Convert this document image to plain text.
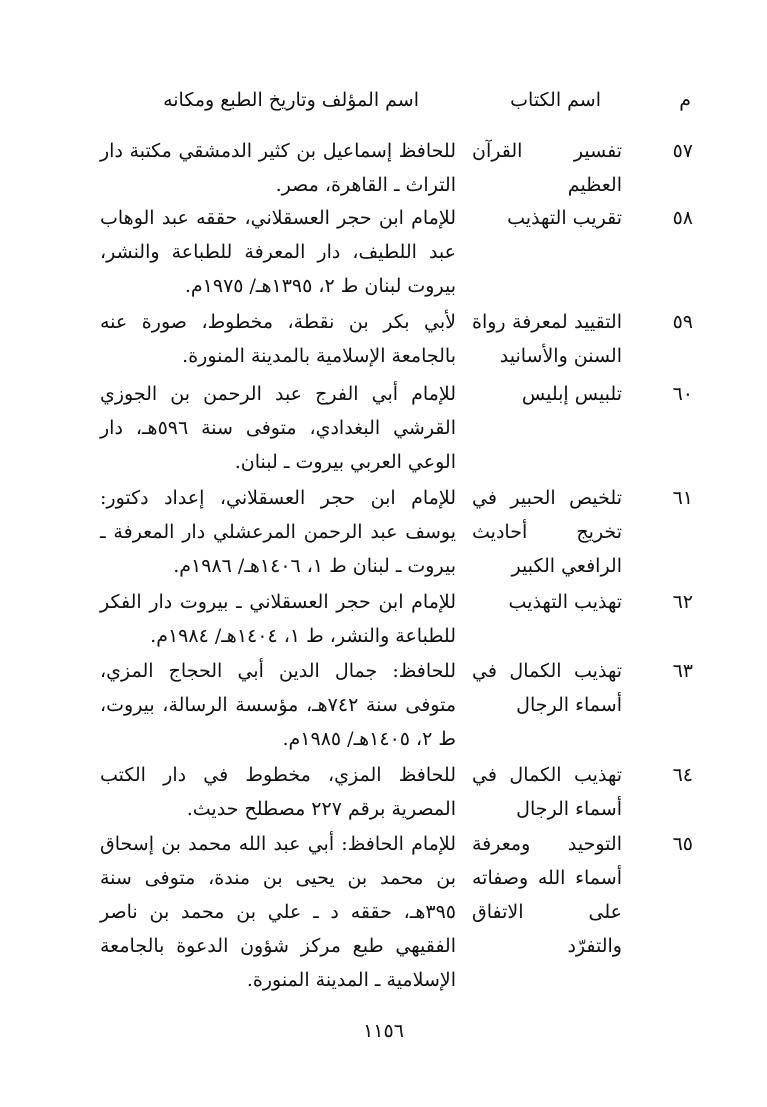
م
اسم الكتاب
اسم المؤلف وتاريخ الطبع ومكانه
٥٧
تفسير القرآن العظيم
للحافظ إسماعيل بن كثير الدمشقي مكتبة دار التراث ـ القاهرة، مصر.
٥٨
تقريب التهذيب
للإمام ابن حجر العسقلاني، حققه عبد الوهاب عبد اللطيف، دار المعرفة للطباعة والنشر، بيروت لبنان ط ٢، ١٣٩٥هـ/ ١٩٧٥م.
٥٩
التقييد لمعرفة رواة السنن والأسانيد
لأبي بكر بن نقطة، مخطوط، صورة عنه بالجامعة الإسلامية بالمدينة المنورة.
٦٠
تلبيس إبليس
للإمام أبي الفرج عبد الرحمن بن الجوزي القرشي البغدادي، متوفى سنة ٥٩٦هـ، دار الوعي العربي بيروت ـ لبنان.
٦١
تلخيص الحبير في تخريج أحاديث الرافعي الكبير
للإمام ابن حجر العسقلاني، إعداد دكتور: يوسف عبد الرحمن المرعشلي دار المعرفة ـ بيروت ـ لبنان ط ١، ١٤٠٦هـ/ ١٩٨٦م.
٦٢
تهذيب التهذيب
للإمام ابن حجر العسقلاني ـ بيروت دار الفكر للطباعة والنشر، ط ١، ١٤٠٤هـ/ ١٩٨٤م.
٦٣
تهذيب الكمال في أسماء الرجال
للحافظ: جمال الدين أبي الحجاج المزي، متوفى سنة ٧٤٢هـ، مؤسسة الرسالة، بيروت، ط ٢، ١٤٠٥هـ/ ١٩٨٥م.
٦٤
تهذيب الكمال في أسماء الرجال
للحافظ المزي، مخطوط في دار الكتب المصرية برقم ٢٢٧ مصطلح حديث.
٦٥
التوحيد ومعرفة أسماء الله وصفاته على الاتفاق والتفرّد
للإمام الحافظ: أبي عبد الله محمد بن إسحاق بن محمد بن يحيى بن مندة، متوفى سنة ٣٩٥هـ، حققه د ـ علي بن محمد بن ناصر الفقيهي طبع مركز شؤون الدعوة بالجامعة الإسلامية ـ المدينة المنورة.
١١٥٦
